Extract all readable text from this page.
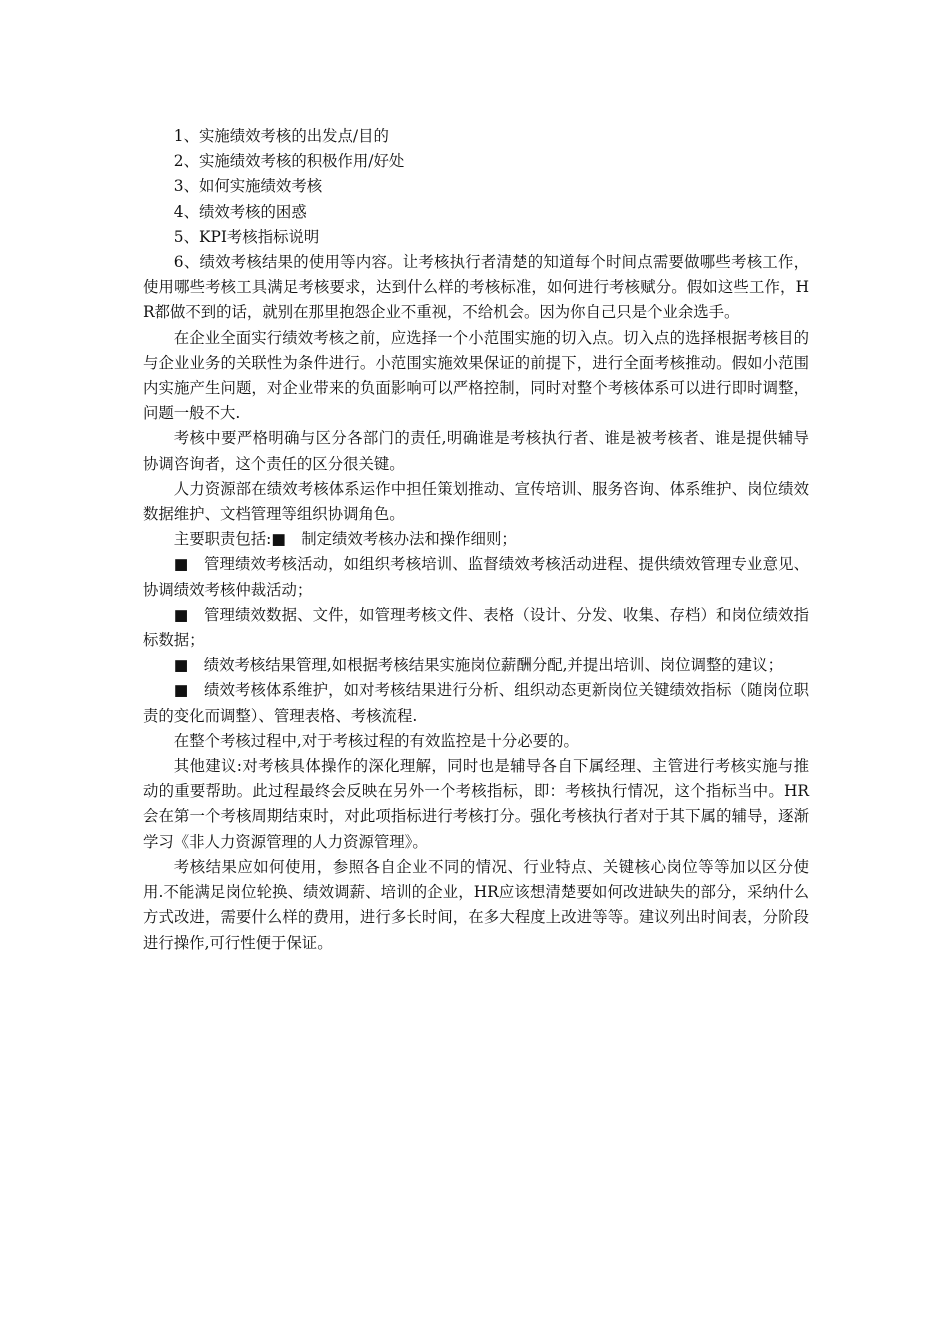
1、实施绩效考核的出发点/目的

2、实施绩效考核的积极作用/好处

3、如何实施绩效考核

4、绩效考核的困惑

5、KPI考核指标说明

6、绩效考核结果的使用等内容。让考核执行者清楚的知道每个时间点需要做哪些考核工作，使用哪些考核工具满足考核要求，达到什么样的考核标准，如何进行考核赋分。假如这些工作，HR都做不到的话，就别在那里抱怨企业不重视，不给机会。因为你自己只是个业余选手。

在企业全面实行绩效考核之前，应选择一个小范围实施的切入点。切入点的选择根据考核目的与企业业务的关联性为条件进行。小范围实施效果保证的前提下，进行全面考核推动。假如小范围内实施产生问题，对企业带来的负面影响可以严格控制，同时对整个考核体系可以进行即时调整，问题一般不大.

考核中要严格明确与区分各部门的责任,明确谁是考核执行者、谁是被考核者、谁是提供辅导协调咨询者，这个责任的区分很关键。

人力资源部在绩效考核体系运作中担任策划推动、宣传培训、服务咨询、体系维护、岗位绩效数据维护、文档管理等组织协调角色。

主要职责包括:■　制定绩效考核办法和操作细则；

■　管理绩效考核活动，如组织考核培训、监督绩效考核活动进程、提供绩效管理专业意见、协调绩效考核仲裁活动；

■　管理绩效数据、文件，如管理考核文件、表格（设计、分发、收集、存档）和岗位绩效指标数据；

■　绩效考核结果管理,如根据考核结果实施岗位薪酬分配,并提出培训、岗位调整的建议；

■　绩效考核体系维护，如对考核结果进行分析、组织动态更新岗位关键绩效指标（随岗位职责的变化而调整）、管理表格、考核流程.

在整个考核过程中,对于考核过程的有效监控是十分必要的。

其他建议:对考核具体操作的深化理解，同时也是辅导各自下属经理、主管进行考核实施与推动的重要帮助。此过程最终会反映在另外一个考核指标，即：考核执行情况，这个指标当中。HR会在第一个考核周期结束时，对此项指标进行考核打分。强化考核执行者对于其下属的辅导，逐渐学习《非人力资源管理的人力资源管理》。

考核结果应如何使用，参照各自企业不同的情况、行业特点、关键核心岗位等等加以区分使用.不能满足岗位轮换、绩效调薪、培训的企业，HR应该想清楚要如何改进缺失的部分，采纳什么方式改进，需要什么样的费用，进行多长时间，在多大程度上改进等等。建议列出时间表，分阶段进行操作,可行性便于保证。
